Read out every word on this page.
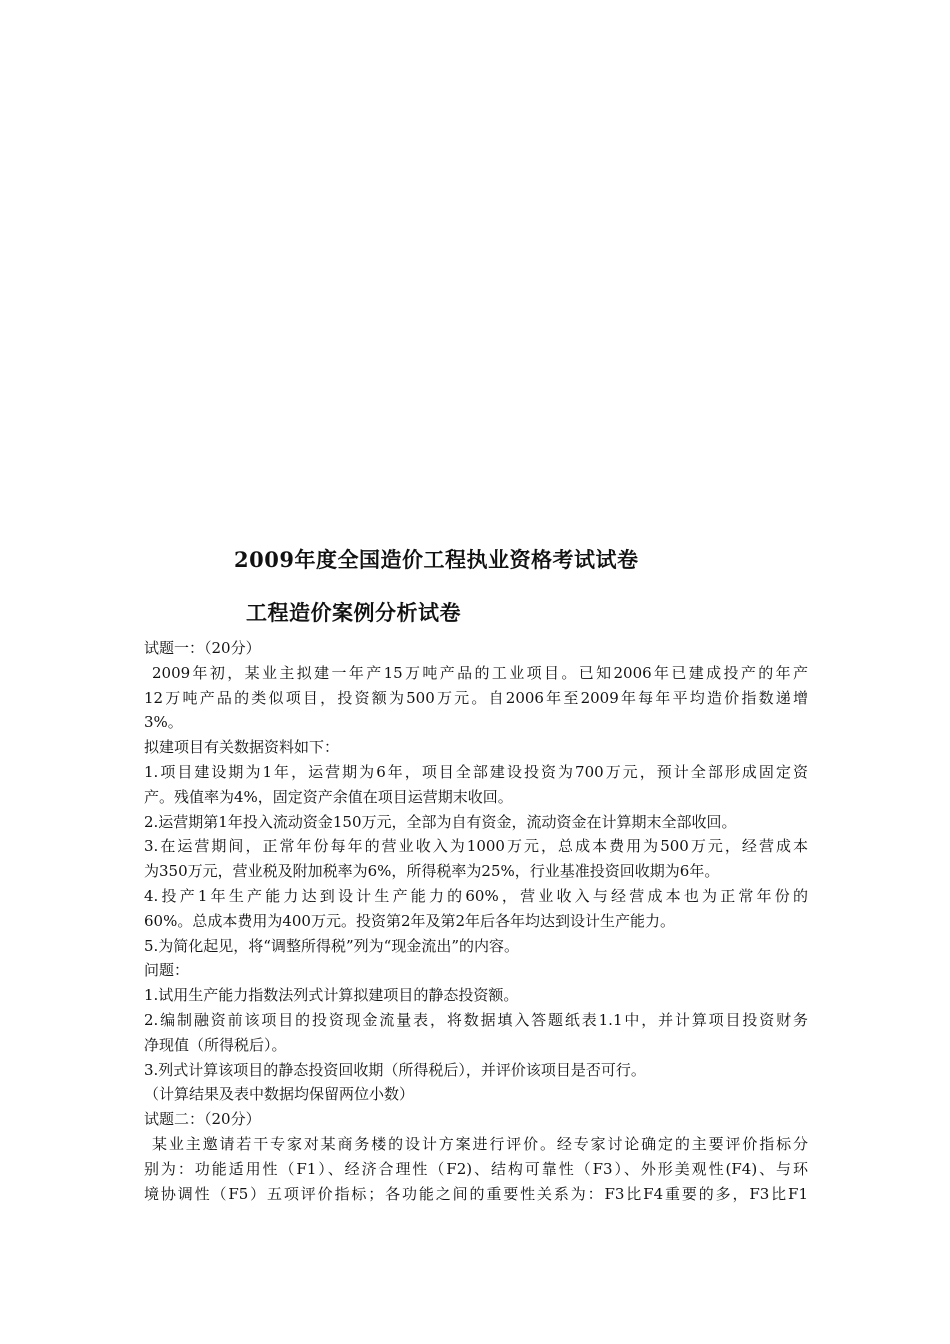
2009年度全国造价工程执业资格考试试卷
工程造价案例分析试卷
试题一：（20分）
2009年初，某业主拟建一年产15万吨产品的工业项目。已知2006年已建成投产的年产
12万吨产品的类似项目，投资额为500万元。自2006年至2009年每年平均造价指数递增
3%。
拟建项目有关数据资料如下：
1.项目建设期为1年，运营期为6年，项目全部建设投资为700万元，预计全部形成固定资
产。残值率为4%，固定资产余值在项目运营期末收回。
2.运营期第1年投入流动资金150万元，全部为自有资金，流动资金在计算期末全部收回。
3.在运营期间，正常年份每年的营业收入为1000万元，总成本费用为500万元，经营成本
为350万元，营业税及附加税率为6%，所得税率为25%，行业基准投资回收期为6年。
4.投产1年生产能力达到设计生产能力的60%，营业收入与经营成本也为正常年份的
60%。总成本费用为400万元。投资第2年及第2年后各年均达到设计生产能力。
5.为简化起见，将“调整所得税”列为“现金流出”的内容。
问题：
1.试用生产能力指数法列式计算拟建项目的静态投资额。
2.编制融资前该项目的投资现金流量表，将数据填入答题纸表1.1中，并计算项目投资财务
净现值（所得税后）。
3.列式计算该项目的静态投资回收期（所得税后），并评价该项目是否可行。
（计算结果及表中数据均保留两位小数）
试题二：（20分）
某业主邀请若干专家对某商务楼的设计方案进行评价。经专家讨论确定的主要评价指标分
别为：功能适用性（F1）、经济合理性（F2)、结构可靠性（F3）、外形美观性(F4)、与环
境协调性（F5）五项评价指标；各功能之间的重要性关系为：F3比F4重要的多，F3比F1
